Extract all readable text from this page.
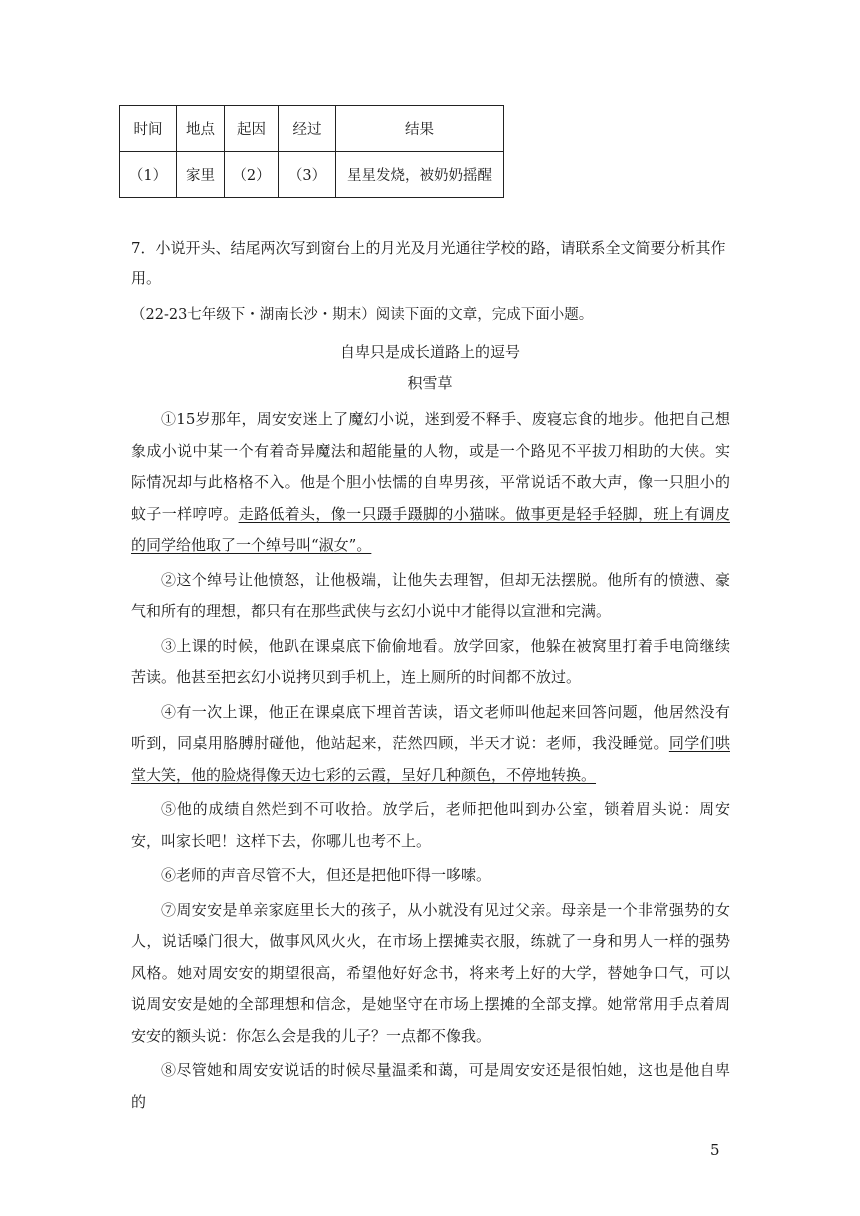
时间	地点	起因	经过	结果
（1）	家里	（2）	（3）	星星发烧，被奶奶摇醒

7．小说开头、结尾两次写到窗台上的月光及月光通往学校的路，请联系全文简要分析其作用。

（22-23七年级下・湖南长沙・期末）阅读下面的文章，完成下面小题。

自卑只是成长道路上的逗号
积雪草

①15岁那年，周安安迷上了魔幻小说，迷到爱不释手、废寝忘食的地步。他把自己想象成小说中某一个有着奇异魔法和超能量的人物，或是一个路见不平拔刀相助的大侠。实际情况却与此格格不入。他是个胆小怯懦的自卑男孩，平常说话不敢大声，像一只胆小的蚊子一样哼哼。走路低着头，像一只蹑手蹑脚的小猫咪。做事更是轻手轻脚，班上有调皮的同学给他取了一个绰号叫“淑女”。

②这个绰号让他愤怒，让他极端，让他失去理智，但却无法摆脱。他所有的愤懑、豪气和所有的理想，都只有在那些武侠与玄幻小说中才能得以宣泄和完满。

③上课的时候，他趴在课桌底下偷偷地看。放学回家，他躲在被窝里打着手电筒继续苦读。他甚至把玄幻小说拷贝到手机上，连上厕所的时间都不放过。

④有一次上课，他正在课桌底下埋首苦读，语文老师叫他起来回答问题，他居然没有听到，同桌用胳膊肘碰他，他站起来，茫然四顾，半天才说：老师，我没睡觉。同学们哄堂大笑，他的脸烧得像天边七彩的云霞，呈好几种颜色，不停地转换。

⑤他的成绩自然烂到不可收拾。放学后，老师把他叫到办公室，锁着眉头说：周安安，叫家长吧！这样下去，你哪儿也考不上。

⑥老师的声音尽管不大，但还是把他吓得一哆嗦。

⑦周安安是单亲家庭里长大的孩子，从小就没有见过父亲。母亲是一个非常强势的女人，说话嗓门很大，做事风风火火，在市场上摆摊卖衣服，练就了一身和男人一样的强势风格。她对周安安的期望很高，希望他好好念书，将来考上好的大学，替她争口气，可以说周安安是她的全部理想和信念，是她坚守在市场上摆摊的全部支撑。她常常用手点着周安安的额头说：你怎么会是我的儿子？一点都不像我。

⑧尽管她和周安安说话的时候尽量温柔和蔼，可是周安安还是很怕她，这也是他自卑的

5
